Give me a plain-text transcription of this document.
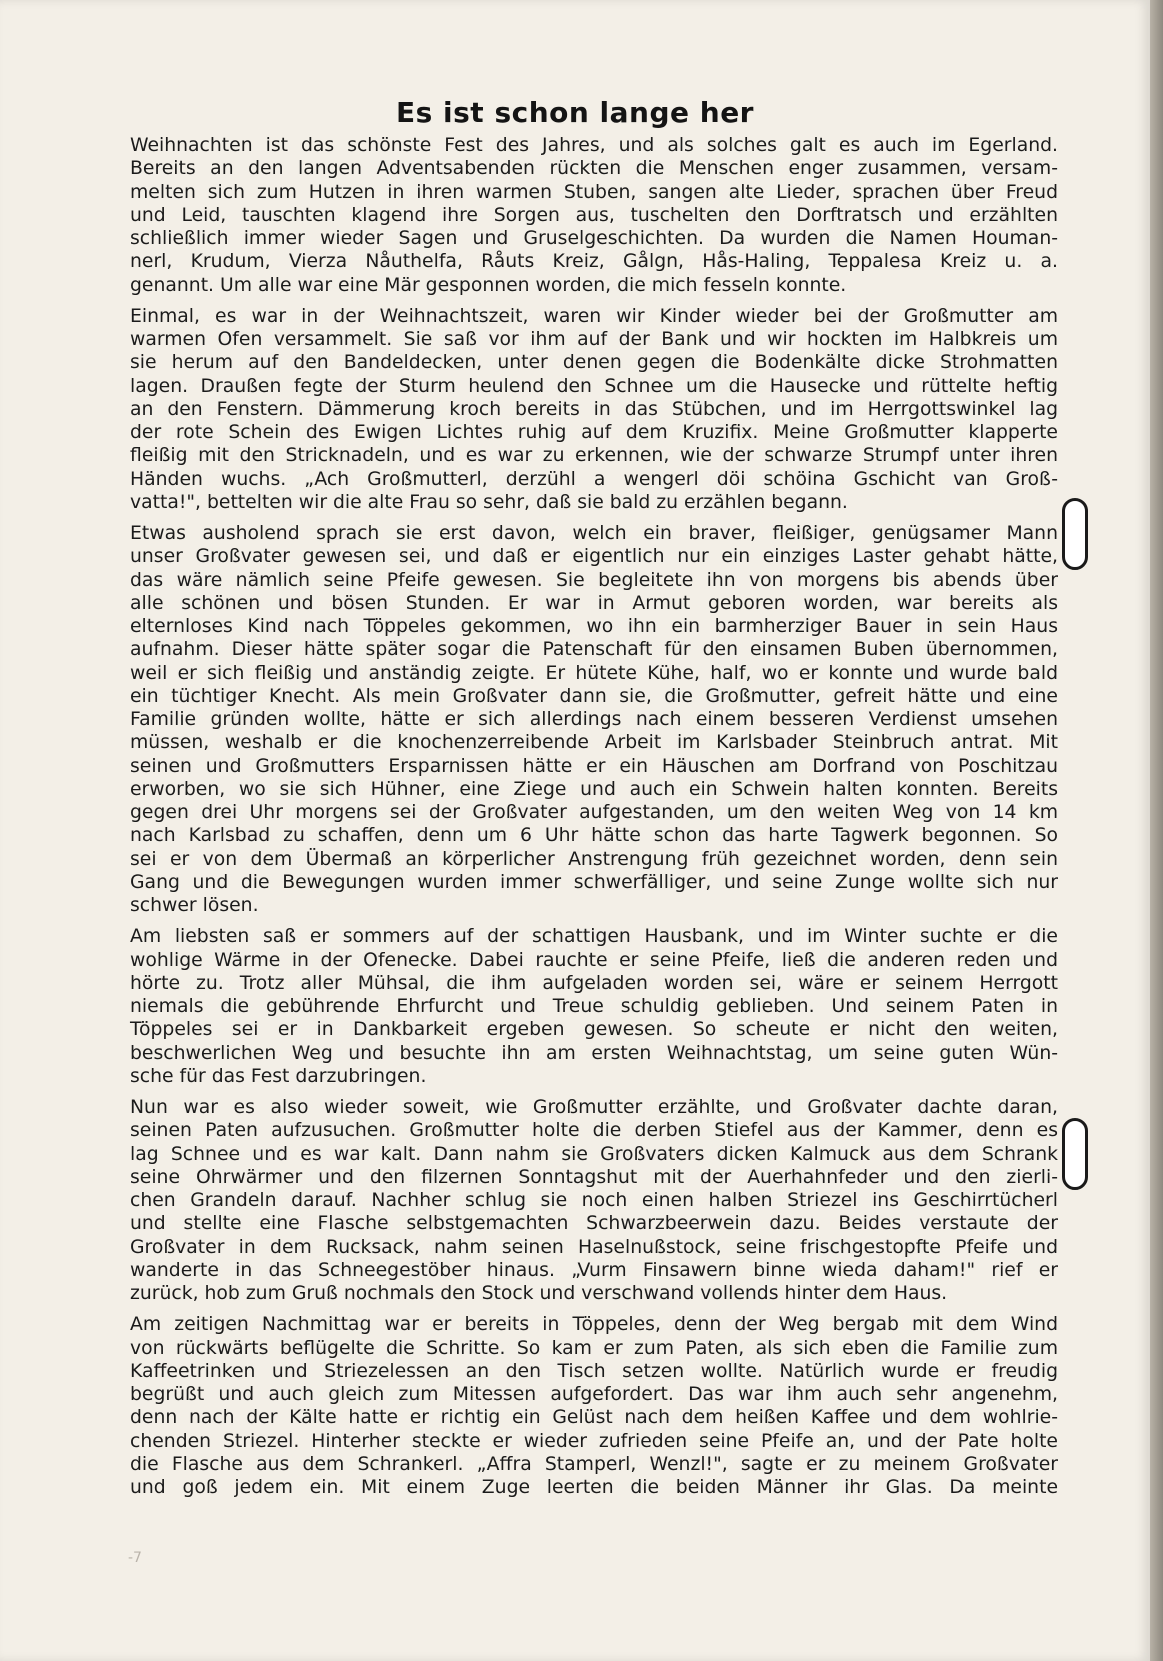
Es ist schon lange her

Weihnachten ist das schönste Fest des Jahres, und als solches galt es auch im Egerland.
Bereits an den langen Adventsabenden rückten die Menschen enger zusammen, versam-
melten sich zum Hutzen in ihren warmen Stuben, sangen alte Lieder, sprachen über Freud
und Leid, tauschten klagend ihre Sorgen aus, tuschelten den Dorftratsch und erzählten
schließlich immer wieder Sagen und Gruselgeschichten. Da wurden die Namen Houman-
nerl, Krudum, Vierza Nåuthelfa, Råuts Kreiz, Gålgn, Hås-Haling, Teppalesa Kreiz u. a.
genannt. Um alle war eine Mär gesponnen worden, die mich fesseln konnte.

Einmal, es war in der Weihnachtszeit, waren wir Kinder wieder bei der Großmutter am
warmen Ofen versammelt. Sie saß vor ihm auf der Bank und wir hockten im Halbkreis um
sie herum auf den Bandeldecken, unter denen gegen die Bodenkälte dicke Strohmatten
lagen. Draußen fegte der Sturm heulend den Schnee um die Hausecke und rüttelte heftig
an den Fenstern. Dämmerung kroch bereits in das Stübchen, und im Herrgottswinkel lag
der rote Schein des Ewigen Lichtes ruhig auf dem Kruzifix. Meine Großmutter klapperte
fleißig mit den Stricknadeln, und es war zu erkennen, wie der schwarze Strumpf unter ihren
Händen wuchs. „Ach Großmutterl, derzühl a wengerl döi schöina Gschicht van Groß-
vatta!", bettelten wir die alte Frau so sehr, daß sie bald zu erzählen begann.

Etwas ausholend sprach sie erst davon, welch ein braver, fleißiger, genügsamer Mann
unser Großvater gewesen sei, und daß er eigentlich nur ein einziges Laster gehabt hätte,
das wäre nämlich seine Pfeife gewesen. Sie begleitete ihn von morgens bis abends über
alle schönen und bösen Stunden. Er war in Armut geboren worden, war bereits als
elternloses Kind nach Töppeles gekommen, wo ihn ein barmherziger Bauer in sein Haus
aufnahm. Dieser hätte später sogar die Patenschaft für den einsamen Buben übernommen,
weil er sich fleißig und anständig zeigte. Er hütete Kühe, half, wo er konnte und wurde bald
ein tüchtiger Knecht. Als mein Großvater dann sie, die Großmutter, gefreit hätte und eine
Familie gründen wollte, hätte er sich allerdings nach einem besseren Verdienst umsehen
müssen, weshalb er die knochenzerreibende Arbeit im Karlsbader Steinbruch antrat. Mit
seinen und Großmutters Ersparnissen hätte er ein Häuschen am Dorfrand von Poschitzau
erworben, wo sie sich Hühner, eine Ziege und auch ein Schwein halten konnten. Bereits
gegen drei Uhr morgens sei der Großvater aufgestanden, um den weiten Weg von 14 km
nach Karlsbad zu schaffen, denn um 6 Uhr hätte schon das harte Tagwerk begonnen. So
sei er von dem Übermaß an körperlicher Anstrengung früh gezeichnet worden, denn sein
Gang und die Bewegungen wurden immer schwerfälliger, und seine Zunge wollte sich nur
schwer lösen.

Am liebsten saß er sommers auf der schattigen Hausbank, und im Winter suchte er die
wohlige Wärme in der Ofenecke. Dabei rauchte er seine Pfeife, ließ die anderen reden und
hörte zu. Trotz aller Mühsal, die ihm aufgeladen worden sei, wäre er seinem Herrgott
niemals die gebührende Ehrfurcht und Treue schuldig geblieben. Und seinem Paten in
Töppeles sei er in Dankbarkeit ergeben gewesen. So scheute er nicht den weiten,
beschwerlichen Weg und besuchte ihn am ersten Weihnachtstag, um seine guten Wün-
sche für das Fest darzubringen.

Nun war es also wieder soweit, wie Großmutter erzählte, und Großvater dachte daran,
seinen Paten aufzusuchen. Großmutter holte die derben Stiefel aus der Kammer, denn es
lag Schnee und es war kalt. Dann nahm sie Großvaters dicken Kalmuck aus dem Schrank
seine Ohrwärmer und den filzernen Sonntagshut mit der Auerhahnfeder und den zierli-
chen Grandeln darauf. Nachher schlug sie noch einen halben Striezel ins Geschirrtücherl
und stellte eine Flasche selbstgemachten Schwarzbeerwein dazu. Beides verstaute der
Großvater in dem Rucksack, nahm seinen Haselnußstock, seine frischgestopfte Pfeife und
wanderte in das Schneegestöber hinaus. „Vurm Finsawern binne wieda daham!" rief er
zurück, hob zum Gruß nochmals den Stock und verschwand vollends hinter dem Haus.

Am zeitigen Nachmittag war er bereits in Töppeles, denn der Weg bergab mit dem Wind
von rückwärts beflügelte die Schritte. So kam er zum Paten, als sich eben die Familie zum
Kaffeetrinken und Striezelessen an den Tisch setzen wollte. Natürlich wurde er freudig
begrüßt und auch gleich zum Mitessen aufgefordert. Das war ihm auch sehr angenehm,
denn nach der Kälte hatte er richtig ein Gelüst nach dem heißen Kaffee und dem wohlrie-
chenden Striezel. Hinterher steckte er wieder zufrieden seine Pfeife an, und der Pate holte
die Flasche aus dem Schrankerl. „Affra Stamperl, Wenzl!", sagte er zu meinem Großvater
und goß jedem ein. Mit einem Zuge leerten die beiden Männer ihr Glas. Da meinte

-7
